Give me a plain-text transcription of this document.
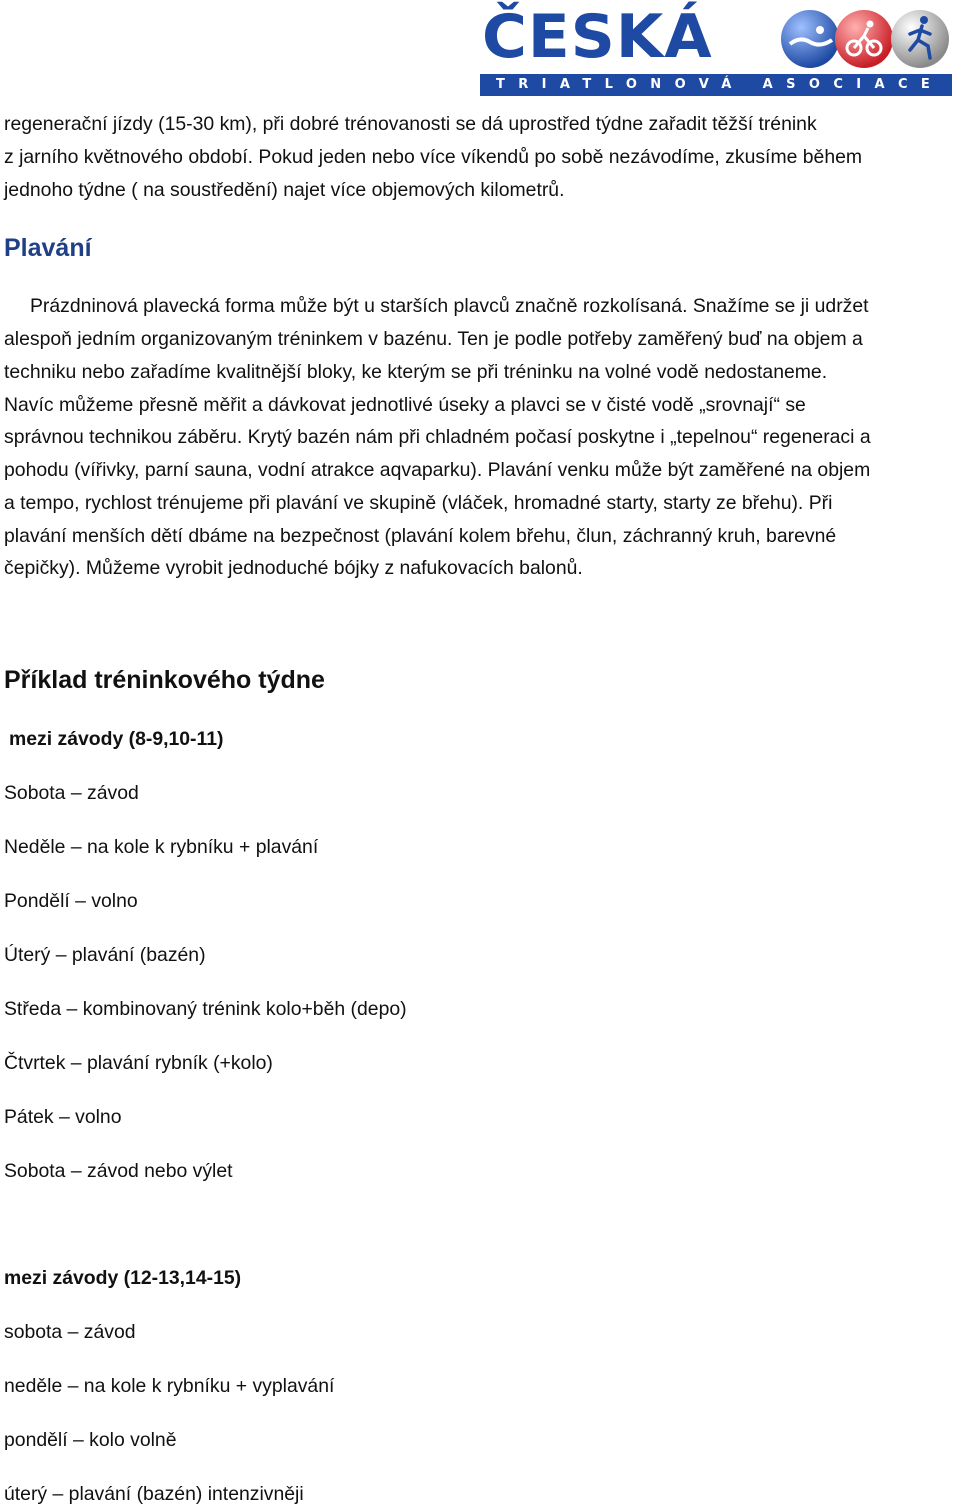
ČESKÁ
TRIATLONOVÁ ASOCIACE
regenerační jízdy (15-30 km), při dobré trénovanosti se dá uprostřed týdne zařadit těžší trénink
z jarního květnového období. Pokud jeden nebo více víkendů po sobě nezávodíme, zkusíme během
jednoho týdne ( na soustředění) najet více objemových kilometrů.
Plavání
Prázdninová plavecká forma může být u starších plavců značně rozkolísaná. Snažíme se ji udržet
alespoň jedním organizovaným tréninkem v bazénu. Ten je podle potřeby zaměřený buď na objem a
techniku nebo zařadíme kvalitnější bloky, ke kterým se při tréninku na volné vodě nedostaneme.
Navíc můžeme přesně měřit a dávkovat jednotlivé úseky a plavci se v čisté vodě „srovnají“ se
správnou technikou záběru. Krytý bazén nám při chladném počasí poskytne i „tepelnou“ regeneraci a
pohodu (vířivky, parní sauna, vodní atrakce aqvaparku). Plavání venku může být zaměřené na objem
a tempo, rychlost trénujeme při plavání ve skupině (vláček, hromadné starty, starty ze břehu). Při
plavání menších dětí dbáme na bezpečnost (plavání kolem břehu, člun, záchranný kruh, barevné
čepičky). Můžeme vyrobit jednoduché bójky z nafukovacích balonů.
Příklad tréninkového týdne
mezi závody (8-9,10-11)
Sobota – závod
Neděle – na kole k rybníku + plavání
Pondělí – volno
Úterý – plavání (bazén)
Středa – kombinovaný trénink kolo+běh (depo)
Čtvrtek – plavání rybník (+kolo)
Pátek – volno
Sobota – závod nebo výlet
mezi závody (12-13,14-15)
sobota – závod
neděle – na kole k rybníku + vyplavání
pondělí – kolo volně
úterý – plavání (bazén) intenzivněji
